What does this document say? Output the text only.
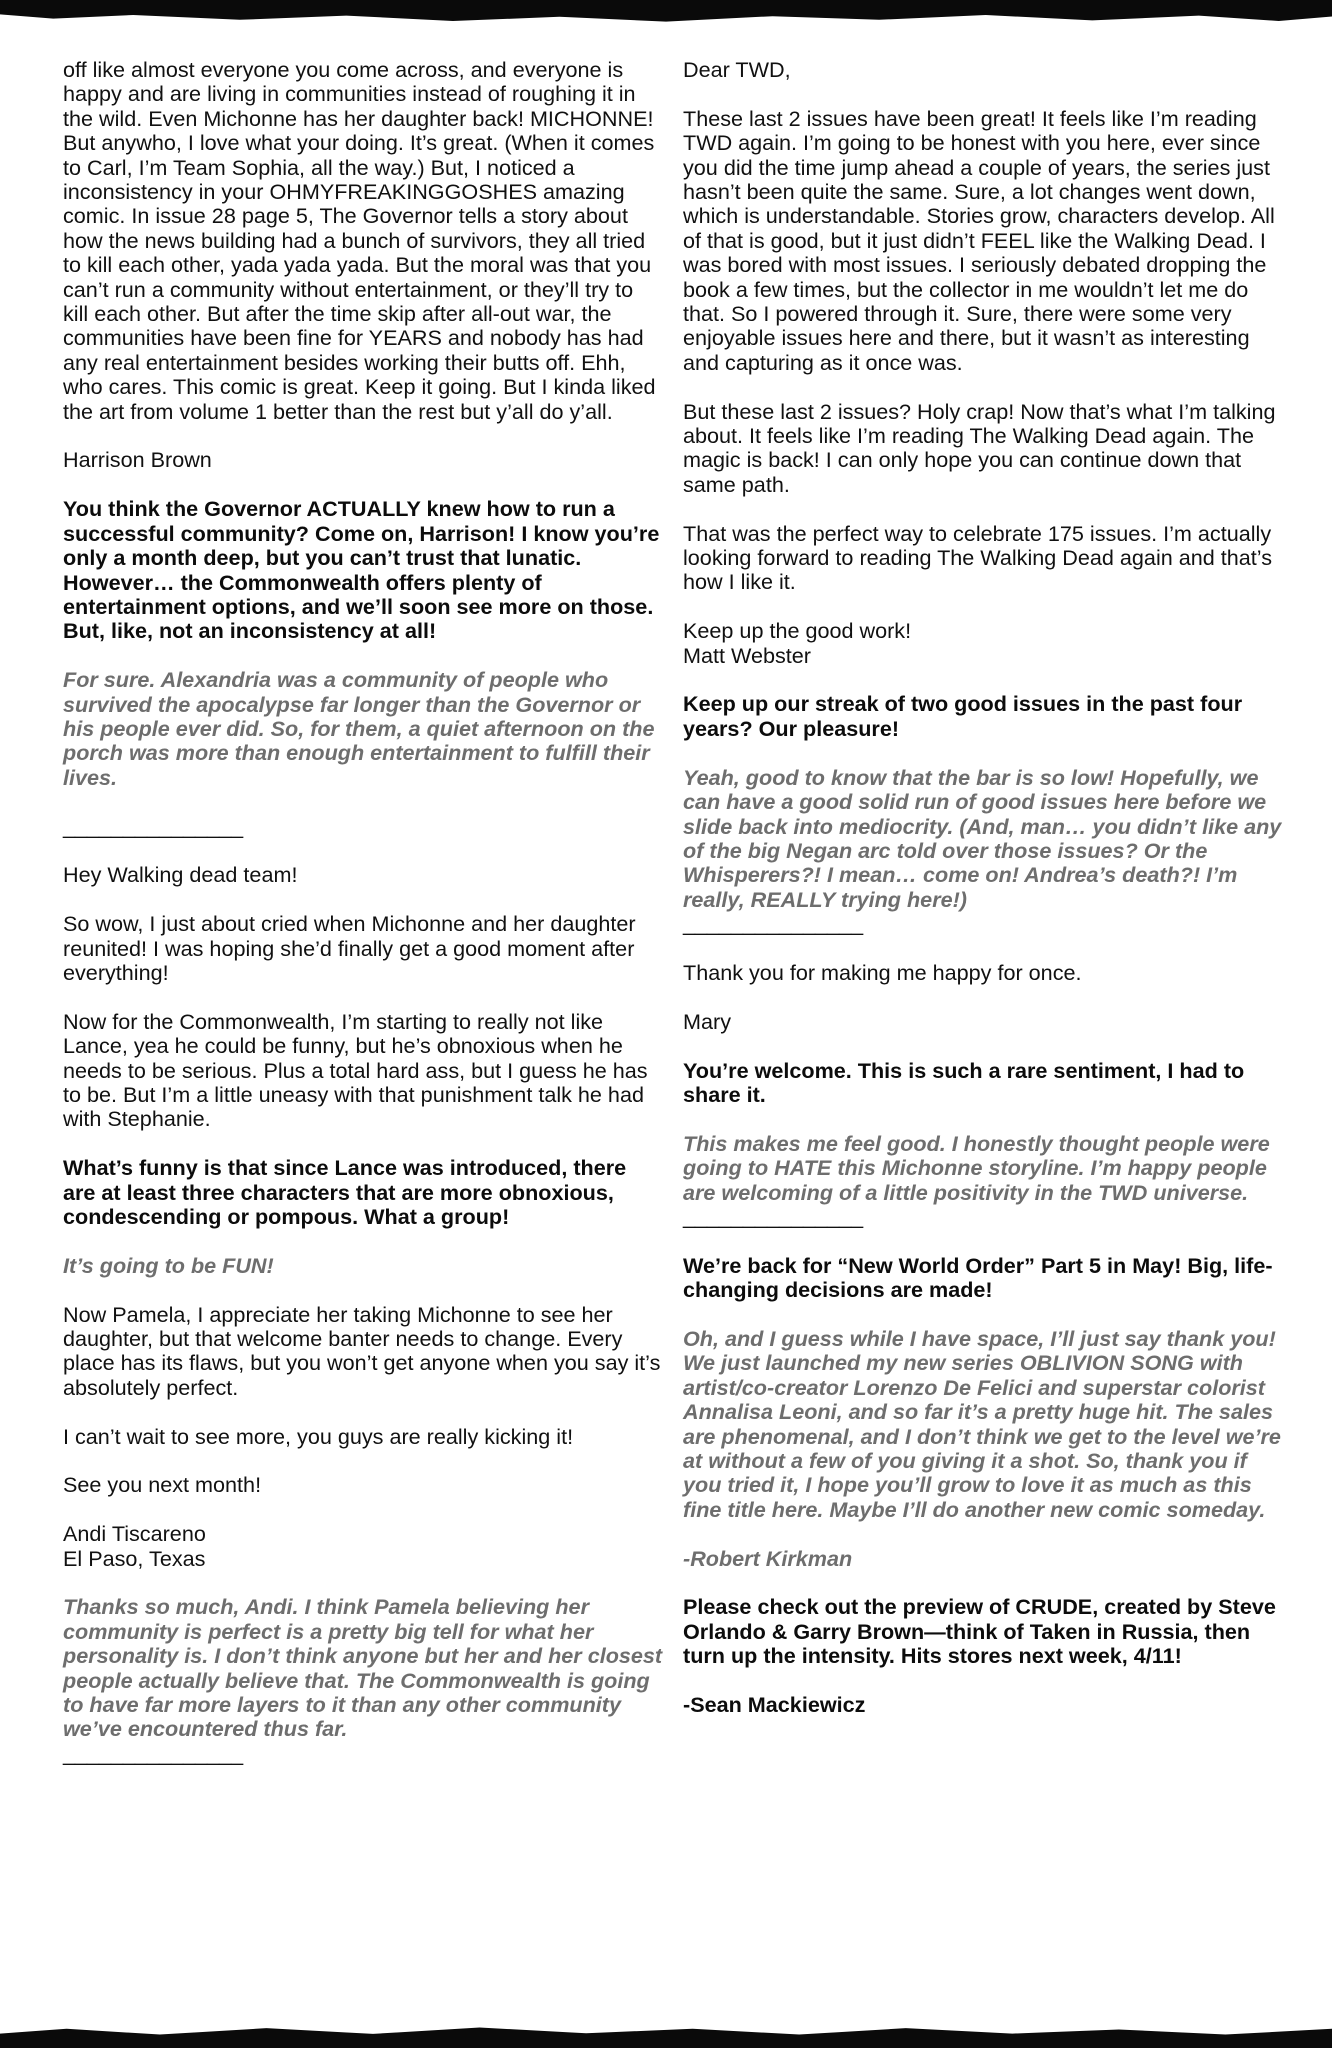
off like almost everyone you come across, and everyone is happy and are living in communities instead of roughing it in the wild. Even Michonne has her daughter back! MICHONNE! But anywho, I love what your doing. It’s great. (When it comes to Carl, I’m Team Sophia, all the way.) But, I noticed a inconsistency in your OHMYFREAKINGGOSHES amazing comic. In issue 28 page 5, The Governor tells a story about how the news building had a bunch of survivors, they all tried to kill each other, yada yada yada. But the moral was that you can’t run a community without entertainment, or they’ll try to kill each other. But after the time skip after all-out war, the communities have been fine for YEARS and nobody has had any real entertainment besides working their butts off. Ehh, who cares. This comic is great. Keep it going. But I kinda liked the art from volume 1 better than the rest but y’all do y’all.

Harrison Brown

You think the Governor ACTUALLY knew how to run a successful community? Come on, Harrison! I know you’re only a month deep, but you can’t trust that lunatic. However… the Commonwealth offers plenty of entertainment options, and we’ll soon see more on those. But, like, not an inconsistency at all!

For sure. Alexandria was a community of people who survived the apocalypse far longer than the Governor or his people ever did. So, for them, a quiet afternoon on the porch was more than enough entertainment to fulfill their lives.

_______________

Hey Walking dead team!

So wow, I just about cried when Michonne and her daughter reunited! I was hoping she’d finally get a good moment after everything!

Now for the Commonwealth, I’m starting to really not like Lance, yea he could be funny, but he’s obnoxious when he needs to be serious. Plus a total hard ass, but I guess he has to be. But I’m a little uneasy with that punishment talk he had with Stephanie.

What’s funny is that since Lance was introduced, there are at least three characters that are more obnoxious, condescending or pompous. What a group!

It’s going to be FUN!

Now Pamela, I appreciate her taking Michonne to see her daughter, but that welcome banter needs to change. Every place has its flaws, but you won’t get anyone when you say it’s absolutely perfect.

I can’t wait to see more, you guys are really kicking it!

See you next month!

Andi Tiscareno
El Paso, Texas

Thanks so much, Andi. I think Pamela believing her community is perfect is a pretty big tell for what her personality is. I don’t think anyone but her and her closest people actually believe that. The Commonwealth is going to have far more layers to it than any other community we’ve encountered thus far.

_______________

Dear TWD,

These last 2 issues have been great! It feels like I’m reading TWD again. I’m going to be honest with you here, ever since you did the time jump ahead a couple of years, the series just hasn’t been quite the same. Sure, a lot changes went down, which is understandable. Stories grow, characters develop. All of that is good, but it just didn’t FEEL like the Walking Dead. I was bored with most issues. I seriously debated dropping the book a few times, but the collector in me wouldn’t let me do that. So I powered through it. Sure, there were some very enjoyable issues here and there, but it wasn’t as interesting and capturing as it once was.

But these last 2 issues? Holy crap! Now that’s what I’m talking about. It feels like I’m reading The Walking Dead again. The magic is back! I can only hope you can continue down that same path.

That was the perfect way to celebrate 175 issues. I’m actually looking forward to reading The Walking Dead again and that’s how I like it.

Keep up the good work!
Matt Webster

Keep up our streak of two good issues in the past four years? Our pleasure!

Yeah, good to know that the bar is so low! Hopefully, we can have a good solid run of good issues here before we slide back into mediocrity. (And, man… you didn’t like any of the big Negan arc told over those issues? Or the Whisperers?! I mean… come on! Andrea’s death?! I’m really, REALLY trying here!)

_______________

Thank you for making me happy for once.

Mary

You’re welcome. This is such a rare sentiment, I had to share it.

This makes me feel good. I honestly thought people were going to HATE this Michonne storyline. I’m happy people are welcoming of a little positivity in the TWD universe.

_______________

We’re back for “New World Order” Part 5 in May! Big, life-changing decisions are made!

Oh, and I guess while I have space, I’ll just say thank you! We just launched my new series OBLIVION SONG with artist/co-creator Lorenzo De Felici and superstar colorist Annalisa Leoni, and so far it’s a pretty huge hit. The sales are phenomenal, and I don’t think we get to the level we’re at without a few of you giving it a shot. So, thank you if you tried it, I hope you’ll grow to love it as much as this fine title here. Maybe I’ll do another new comic someday.

-Robert Kirkman

Please check out the preview of CRUDE, created by Steve Orlando & Garry Brown—think of Taken in Russia, then turn up the intensity. Hits stores next week, 4/11!

-Sean Mackiewicz
